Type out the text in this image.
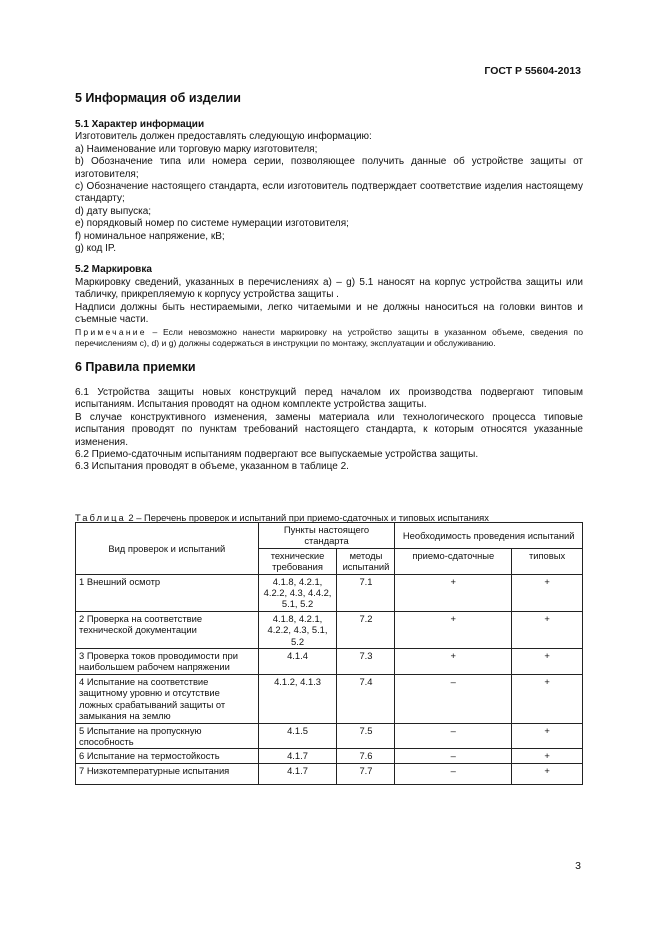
ГОСТ Р 55604-2013
5 Информация об изделии
5.1 Характер информации

Изготовитель должен предоставлять следующую информацию:

a) Наименование или торговую марку изготовителя;

b) Обозначение типа или номера серии, позволяющее получить данные об устройстве защиты от изготовителя;

c) Обозначение настоящего стандарта, если изготовитель подтверждает соответствие изделия настоящему стандарту;

d) дату выпуска;

e) порядковый номер по системе нумерации изготовителя;

f) номинальное напряжение, кВ;

g) код IP.

5.2 Маркировка

Маркировку сведений, указанных в перечислениях а) – g) 5.1 наносят на корпус устройства защиты или табличку, прикрепляемую к корпусу устройства защиты .

Надписи должны быть нестираемыми, легко читаемыми и не должны наноситься на головки винтов и съемные части.

Примечание – Если невозможно нанести маркировку на устройство защиты в указанном объеме, сведения по перечислениям c), d) и g) должны содержаться в инструкции по монтажу, эксплуатации и обслуживанию.

6 Правила приемки

6.1 Устройства защиты новых конструкций перед началом их производства подвергают типовым испытаниям. Испытания проводят на одном комплекте устройства защиты.

В случае конструктивного изменения, замены материала или технологического процесса типовые испытания проводят по пунктам требований настоящего стандарта, к которым относятся указанные изменения.

6.2 Приемо-сдаточным испытаниям подвергают все выпускаемые устройства защиты.

6.3 Испытания проводят в объеме, указанном в таблице 2.

Таблица 2 – Перечень проверок и испытаний при приемо-сдаточных и типовых испытаниях
Вид проверок и испытаний	Пункты настоящего стандарта		Необходимость проведения испытаний	
	технические требования	методы испытаний	приемо-сдаточные	типовых
1 Внешний осмотр	4.1.8, 4.2.1, 4.2.2, 4.3, 4.4.2, 5.1, 5.2	7.1	+	+
2 Проверка на соответствие технической документации	4.1.8, 4.2.1, 4.2.2, 4.3, 5.1, 5.2	7.2	+	+
3 Проверка токов проводимости при наибольшем рабочем напряжении	4.1.4	7.3	+	+
4 Испытание на соответствие защитному уровню и отсутствие ложных срабатываний защиты от замыкания на землю	4.1.2, 4.1.3	7.4	–	+
5 Испытание на пропускную способность	4.1.5	7.5	–	+
6 Испытание на термостойкость	4.1.7	7.6	–	+
7 Низкотемпературные испытания	4.1.7	7.7	–	+
3
